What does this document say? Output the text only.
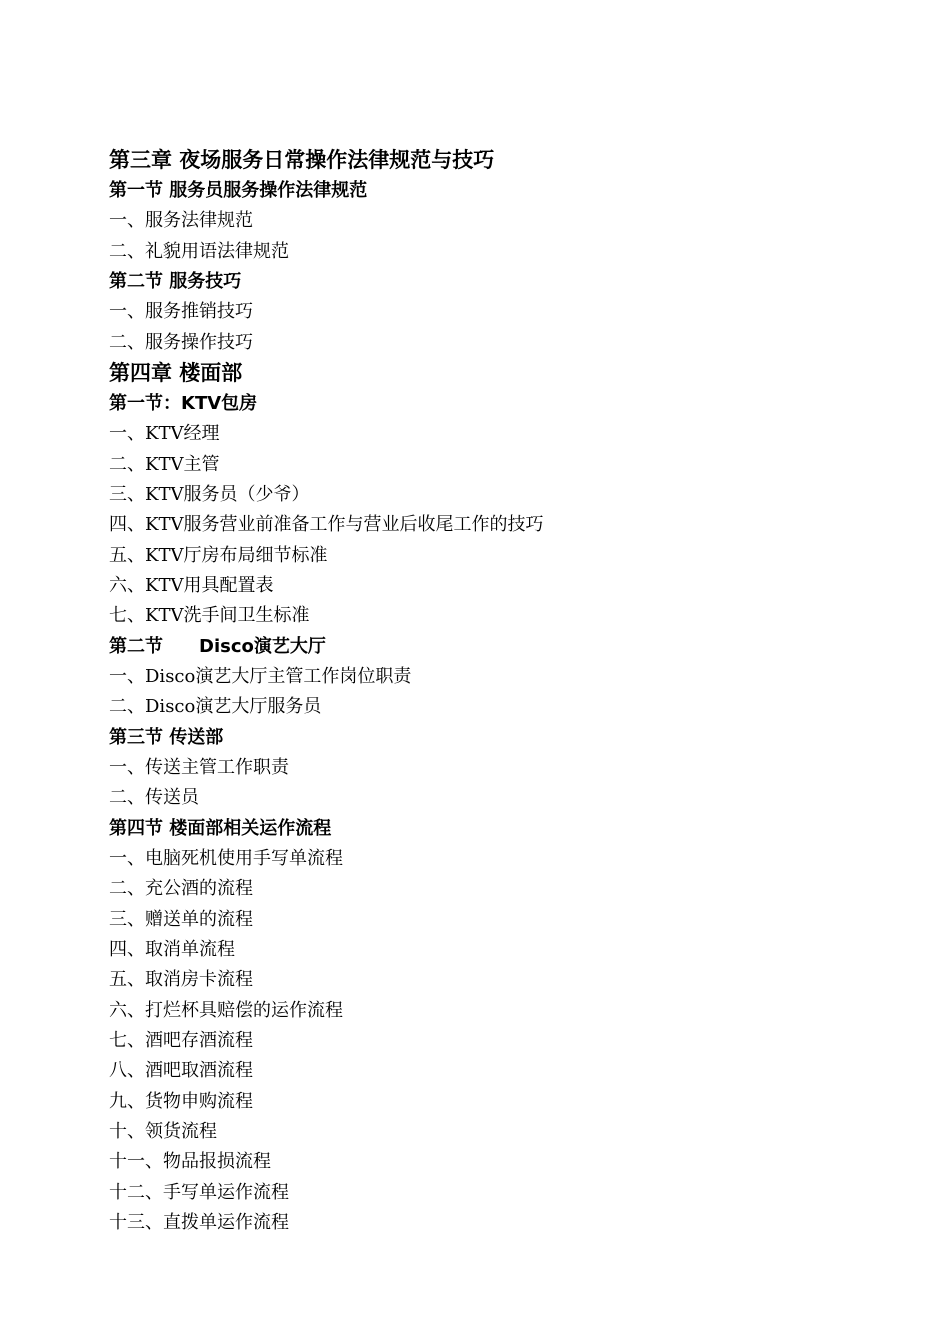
第三章 夜场服务日常操作法律规范与技巧
第一节 服务员服务操作法律规范
一、服务法律规范
二、礼貌用语法律规范
第二节 服务技巧
一、服务推销技巧
二、服务操作技巧
第四章 楼面部
第一节：KTV包房
一、KTV经理
二、KTV主管
三、KTV服务员（少爷）
四、KTV服务营业前准备工作与营业后收尾工作的技巧
五、KTV厅房布局细节标准
六、KTV用具配置表
七、KTV洗手间卫生标准
第二节　　Disco演艺大厅
一、Disco演艺大厅主管工作岗位职责
二、Disco演艺大厅服务员
第三节 传送部
一、传送主管工作职责
二、传送员
第四节 楼面部相关运作流程
一、电脑死机使用手写单流程
二、充公酒的流程
三、赠送单的流程
四、取消单流程
五、取消房卡流程
六、打烂杯具赔偿的运作流程
七、酒吧存酒流程
八、酒吧取酒流程
九、货物申购流程
十、领货流程
十一、物品报损流程
十二、手写单运作流程
十三、直拨单运作流程
